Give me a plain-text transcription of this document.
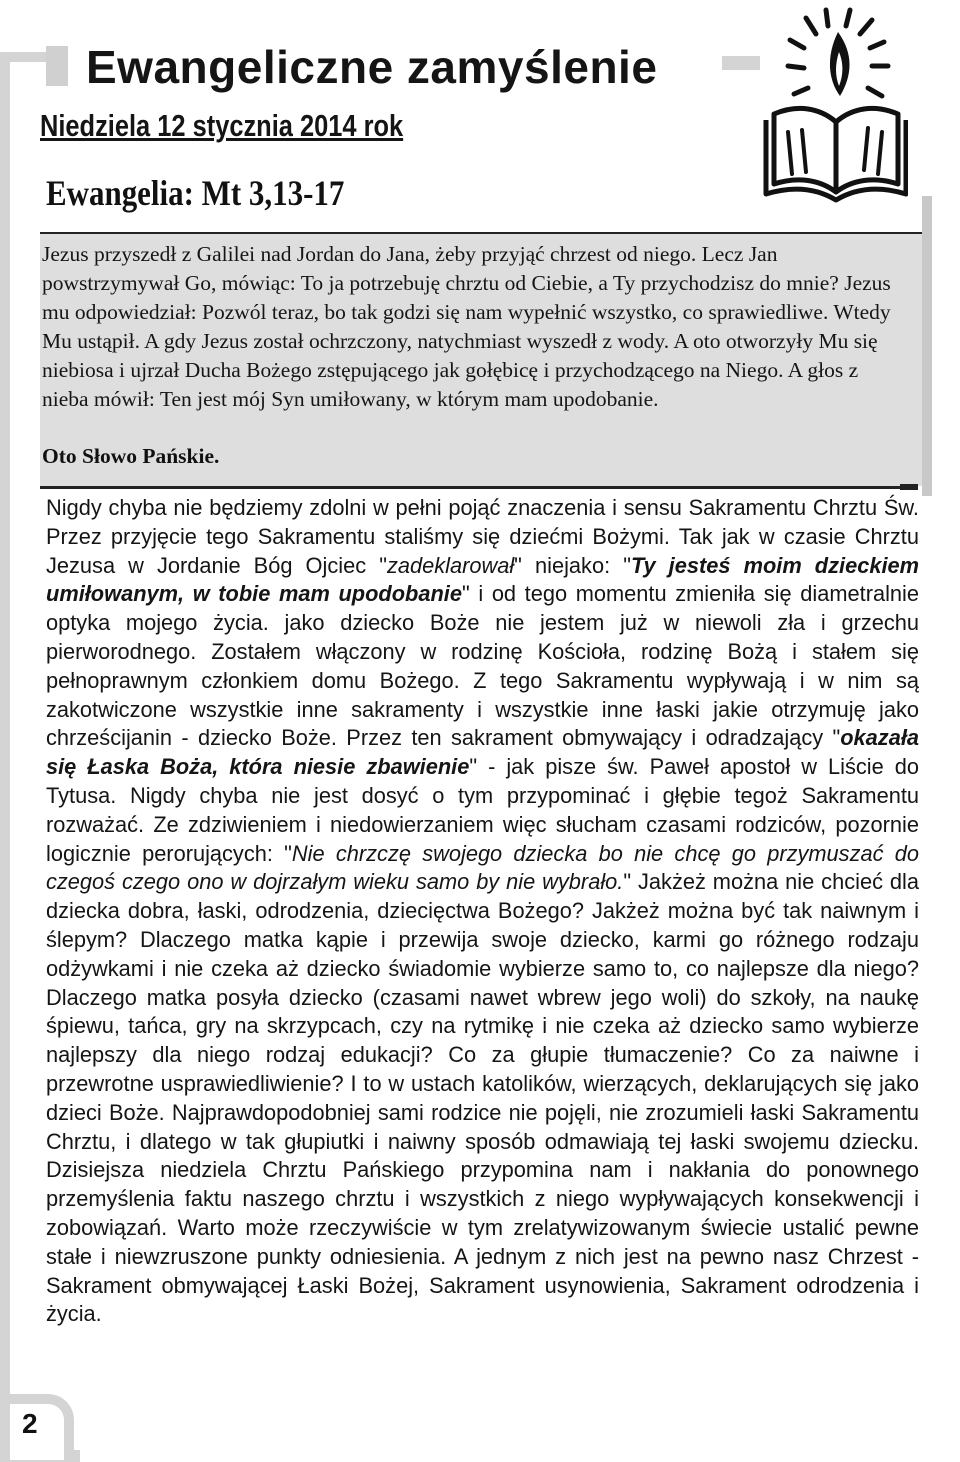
Ewangeliczne zamyślenie
Niedziela 12 stycznia 2014 rok
Ewangelia: Mt 3,13-17

Jezus przyszedł z Galilei nad Jordan do Jana, żeby przyjąć chrzest od niego. Lecz Jan powstrzymywał Go, mówiąc: To ja potrzebuję chrztu od Ciebie, a Ty przychodzisz do mnie? Jezus mu odpowiedział: Pozwól teraz, bo tak godzi się nam wypełnić wszystko, co sprawiedliwe. Wtedy Mu ustąpił. A gdy Jezus został ochrzczony, natychmiast wyszedł z wody. A oto otworzyły Mu się niebiosa i ujrzał Ducha Bożego zstępującego jak gołębicę i przychodzącego na Niego. A głos z nieba mówił: Ten jest mój Syn umiłowany, w którym mam upodobanie.

Oto Słowo Pańskie.

Nigdy chyba nie będziemy zdolni w pełni pojąć znaczenia i sensu Sakramentu Chrztu Św. Przez przyjęcie tego Sakramentu staliśmy się dziećmi Bożymi. Tak jak w czasie Chrztu Jezusa w Jordanie Bóg Ojciec "zadeklarował" niejako: "Ty jesteś moim dzieckiem umiłowanym, w tobie mam upodobanie" i od tego momentu zmieniła się diametralnie optyka mojego życia. jako dziecko Boże nie jestem już w niewoli zła i grzechu pierworodnego. Zostałem włączony w rodzinę Kościoła, rodzinę Bożą i stałem się pełnoprawnym członkiem domu Bożego. Z tego Sakramentu wypływają i w nim są zakotwiczone wszystkie inne sakramenty i wszystkie inne łaski jakie otrzymuję jako chrześcijanin - dziecko Boże. Przez ten sakrament obmywający i odradzający "okazała się Łaska Boża, która niesie zbawienie" - jak pisze św. Paweł apostoł w Liście do Tytusa. Nigdy chyba nie jest dosyć o tym przypominać i głębie tegoż Sakramentu rozważać. Ze zdziwieniem i niedowierzaniem więc słucham czasami rodziców, pozornie logicznie perorujących: "Nie chrzczę swojego dziecka bo nie chcę go przymuszać do czegoś czego ono w dojrzałym wieku samo by nie wybrało." Jakżeż można nie chcieć dla dziecka dobra, łaski, odrodzenia, dziecięctwa Bożego? Jakżeż można być tak naiwnym i ślepym? Dlaczego matka kąpie i przewija swoje dziecko, karmi go różnego rodzaju odżywkami i nie czeka aż dziecko świadomie wybierze samo to, co najlepsze dla niego? Dlaczego matka posyła dziecko (czasami nawet wbrew jego woli) do szkoły, na naukę śpiewu, tańca, gry na skrzypcach, czy na rytmikę i nie czeka aż dziecko samo wybierze najlepszy dla niego rodzaj edukacji? Co za głupie tłumaczenie? Co za naiwne i przewrotne usprawiedliwienie? I to w ustach katolików, wierzących, deklarujących się jako dzieci Boże. Najprawdopodobniej sami rodzice nie pojęli, nie zrozumieli łaski Sakramentu Chrztu, i dlatego w tak głupiutki i naiwny sposób odmawiają tej łaski swojemu dziecku. Dzisiejsza niedziela Chrztu Pańskiego przypomina nam i nakłania do ponownego przemyślenia faktu naszego chrztu i wszystkich z niego wypływających konsekwencji i zobowiązań. Warto może rzeczywiście w tym zrelatywizowanym świecie ustalić pewne stałe i niewzruszone punkty odniesienia. A jednym z nich jest na pewno nasz Chrzest - Sakrament obmywającej Łaski Bożej, Sakrament usynowienia, Sakrament odrodzenia i życia.

2
